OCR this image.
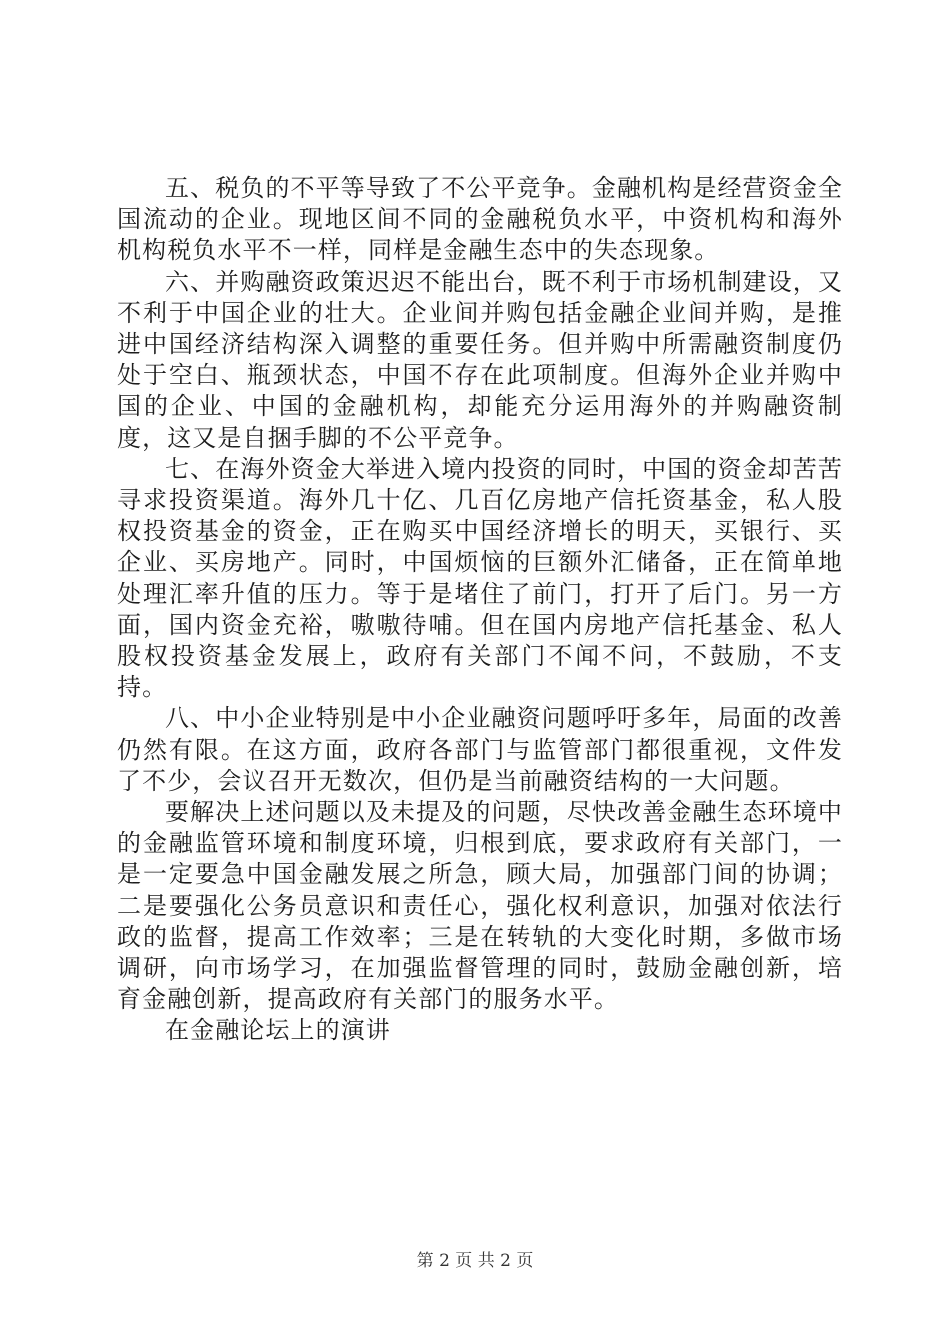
五、税负的不平等导致了不公平竞争。金融机构是经营资金全国流动的企业。现地区间不同的金融税负水平，中资机构和海外机构税负水平不一样，同样是金融生态中的失态现象。

六、并购融资政策迟迟不能出台，既不利于市场机制建设，又不利于中国企业的壮大。企业间并购包括金融企业间并购，是推进中国经济结构深入调整的重要任务。但并购中所需融资制度仍处于空白、瓶颈状态，中国不存在此项制度。但海外企业并购中国的企业、中国的金融机构，却能充分运用海外的并购融资制度，这又是自捆手脚的不公平竞争。

七、在海外资金大举进入境内投资的同时，中国的资金却苦苦寻求投资渠道。海外几十亿、几百亿房地产信托资基金，私人股权投资基金的资金，正在购买中国经济增长的明天，买银行、买企业、买房地产。同时，中国烦恼的巨额外汇储备，正在简单地处理汇率升值的压力。等于是堵住了前门，打开了后门。另一方面，国内资金充裕，嗷嗷待哺。但在国内房地产信托基金、私人股权投资基金发展上，政府有关部门不闻不问，不鼓励，不支持。

八、中小企业特别是中小企业融资问题呼吁多年，局面的改善仍然有限。在这方面，政府各部门与监管部门都很重视，文件发了不少，会议召开无数次，但仍是当前融资结构的一大问题。

要解决上述问题以及未提及的问题，尽快改善金融生态环境中的金融监管环境和制度环境，归根到底，要求政府有关部门，一是一定要急中国金融发展之所急，顾大局，加强部门间的协调；二是要强化公务员意识和责任心，强化权利意识，加强对依法行政的监督，提高工作效率；三是在转轨的大变化时期，多做市场调研，向市场学习，在加强监督管理的同时，鼓励金融创新，培育金融创新，提高政府有关部门的服务水平。

在金融论坛上的演讲

第 2 页 共 2 页
